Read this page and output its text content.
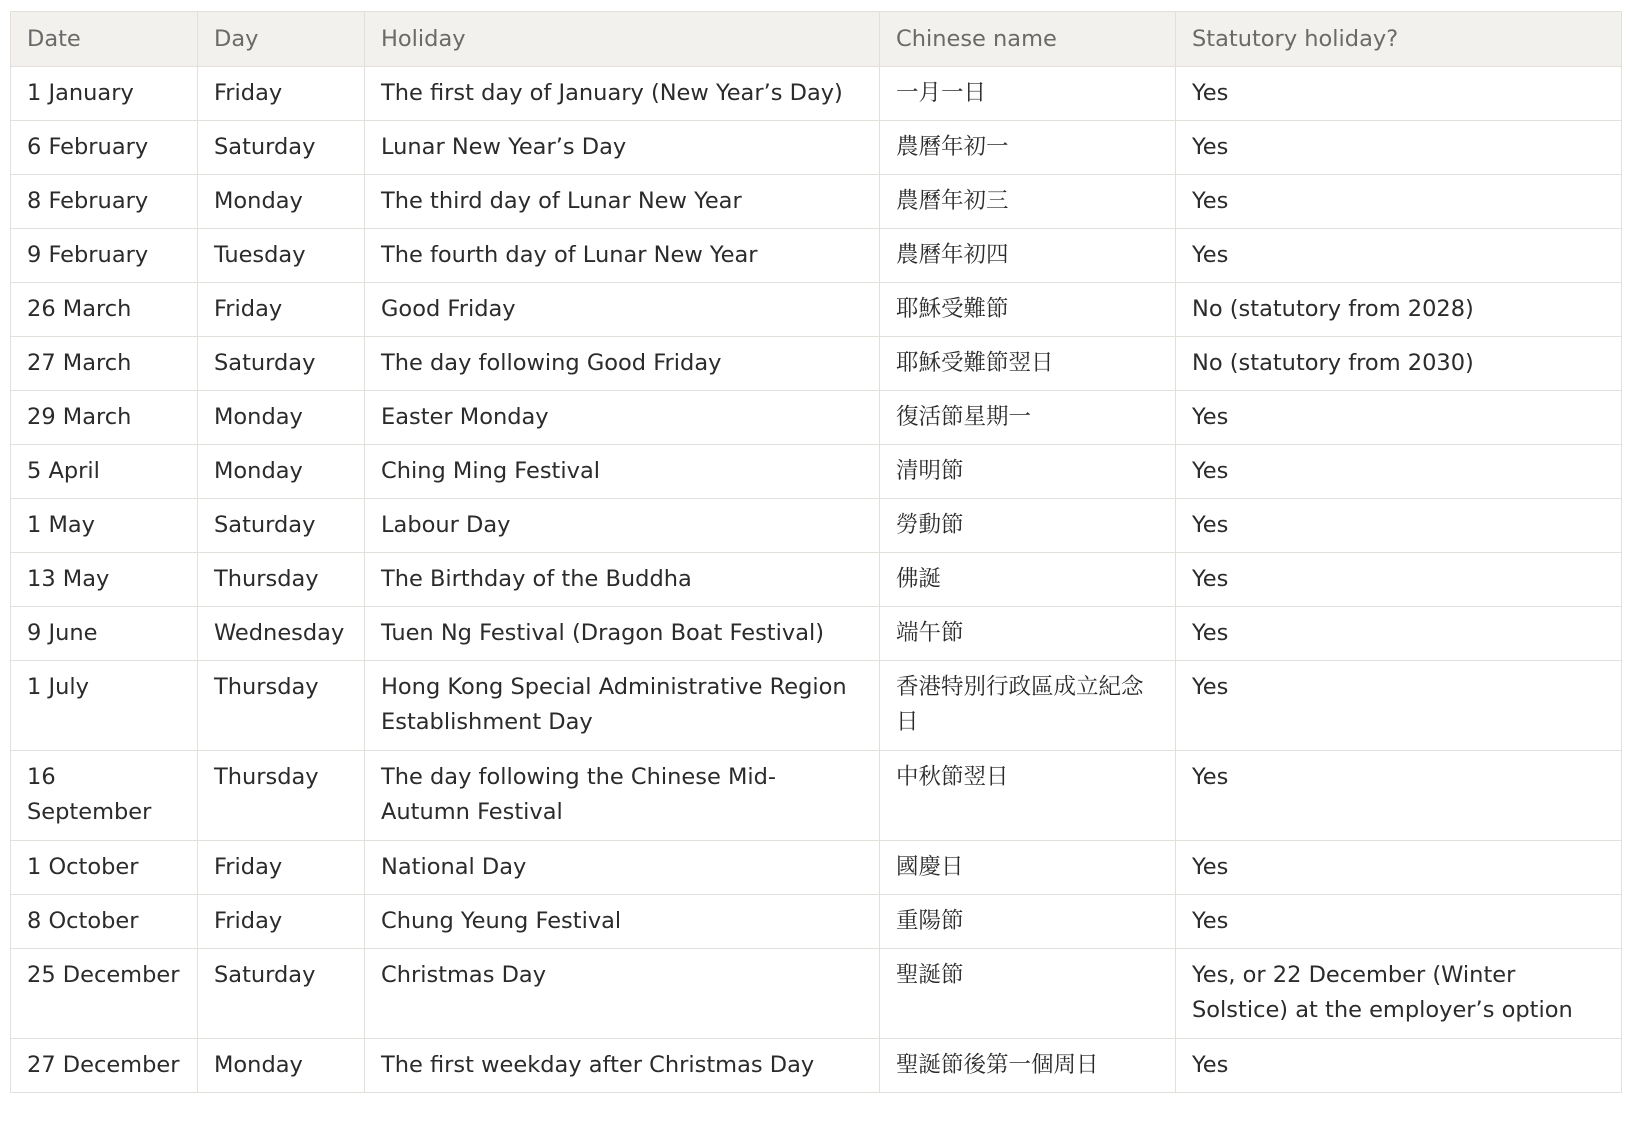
Date	Day	Holiday	Chinese name	Statutory holiday?
1 January	Friday	The first day of January (New Year’s Day)	一月一日	Yes
6 February	Saturday	Lunar New Year’s Day	農曆年初一	Yes
8 February	Monday	The third day of Lunar New Year	農曆年初三	Yes
9 February	Tuesday	The fourth day of Lunar New Year	農曆年初四	Yes
26 March	Friday	Good Friday	耶穌受難節	No (statutory from 2028)
27 March	Saturday	The day following Good Friday	耶穌受難節翌日	No (statutory from 2030)
29 March	Monday	Easter Monday	復活節星期一	Yes
5 April	Monday	Ching Ming Festival	清明節	Yes
1 May	Saturday	Labour Day	勞動節	Yes
13 May	Thursday	The Birthday of the Buddha	佛誕	Yes
9 June	Wednesday	Tuen Ng Festival (Dragon Boat Festival)	端午節	Yes
1 July	Thursday	Hong Kong Special Administrative Region Establishment Day	香港特別行政區成立紀念日	Yes
16 September	Thursday	The day following the Chinese Mid-Autumn Festival	中秋節翌日	Yes
1 October	Friday	National Day	國慶日	Yes
8 October	Friday	Chung Yeung Festival	重陽節	Yes
25 December	Saturday	Christmas Day	聖誕節	Yes, or 22 December (Winter Solstice) at the employer’s option
27 December	Monday	The first weekday after Christmas Day	聖誕節後第一個周日	Yes
